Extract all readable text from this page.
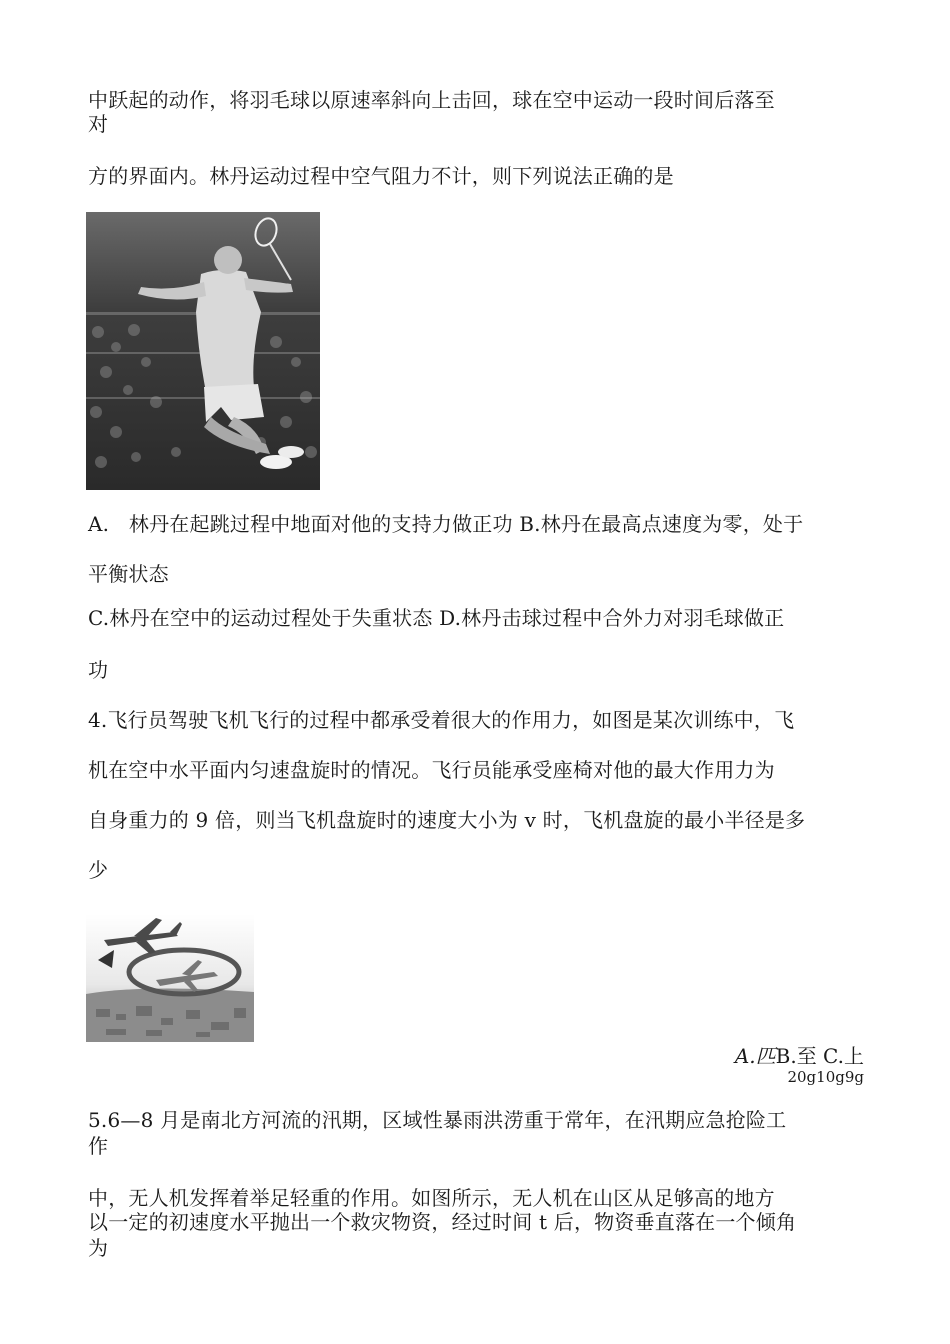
中跃起的动作，将羽毛球以原速率斜向上击回，球在空中运动一段时间后落至
对
方的界面内。林丹运动过程中空气阻力不计，则下列说法正确的是
A. 林丹在起跳过程中地面对他的支持力做正功 B.林丹在最高点速度为零，处于
平衡状态
C.林丹在空中的运动过程处于失重状态 D.林丹击球过程中合外力对羽毛球做正
功
4.飞行员驾驶飞机飞行的过程中都承受着很大的作用力，如图是某次训练中，飞
机在空中水平面内匀速盘旋时的情况。飞行员能承受座椅对他的最大作用力为
自身重力的 9 倍，则当飞机盘旋时的速度大小为 v 时，飞机盘旋的最小半径是多
少
A.匹B.至 C.上
20g10g9g
5.6—8 月是南北方河流的汛期，区域性暴雨洪涝重于常年，在汛期应急抢险工
作
中，无人机发挥着举足轻重的作用。如图所示，无人机在山区从足够高的地方
以一定的初速度水平抛出一个救灾物资，经过时间 t 后，物资垂直落在一个倾角
为
